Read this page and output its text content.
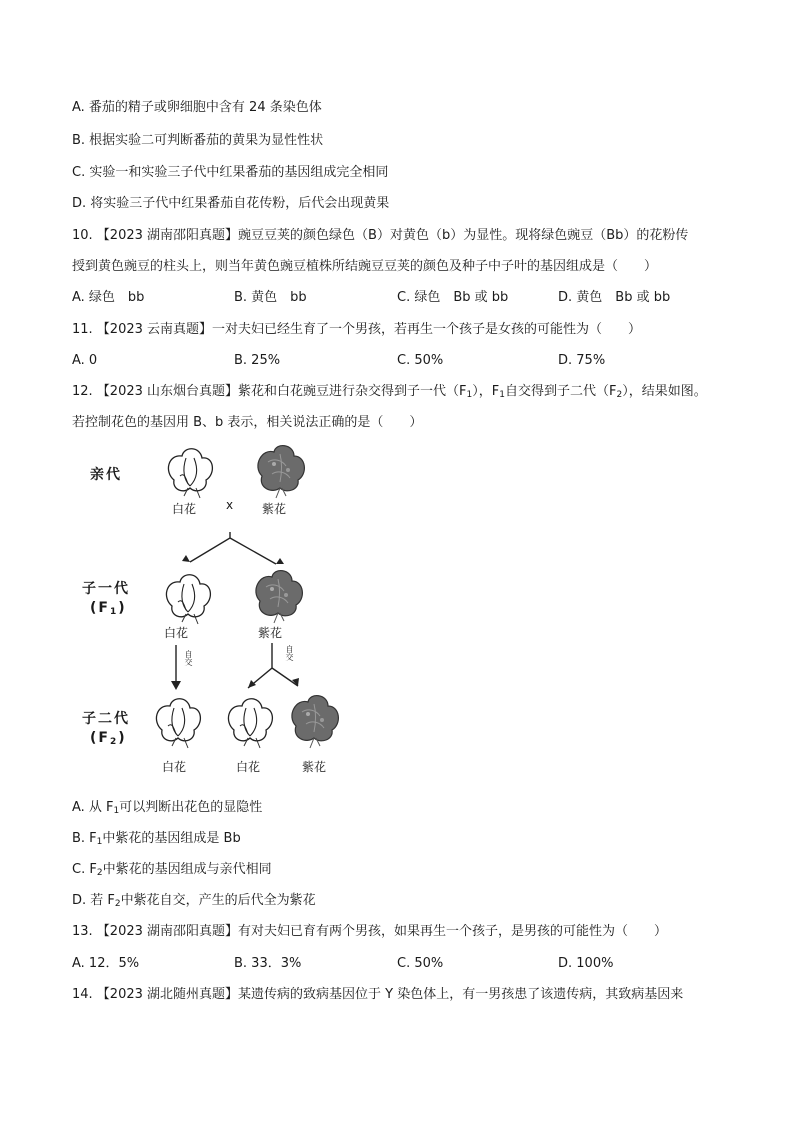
A. 番茄的精子或卵细胞中含有 24 条染色体
B. 根据实验二可判断番茄的黄果为显性性状
C. 实验一和实验三子代中红果番茄的基因组成完全相同
D. 将实验三子代中红果番茄自花传粉，后代会出现黄果
10. 【2023 湖南邵阳真题】豌豆豆荚的颜色绿色（B）对黄色（b）为显性。现将绿色豌豆（Bb）的花粉传
授到黄色豌豆的柱头上，则当年黄色豌豆植株所结豌豆豆荚的颜色及种子中子叶的基因组成是（　　）
A. 绿色　bb	B. 黄色　bb	C. 绿色　Bb 或 bb	D. 黄色　Bb 或 bb
11. 【2023 云南真题】一对夫妇已经生育了一个男孩，若再生一个孩子是女孩的可能性为（　　）
A. 0	B. 25%	C. 50%	D. 75%
12. 【2023 山东烟台真题】紫花和白花豌豆进行杂交得到子一代$(F_1)$，$F_1$自交得到子二代$(F_2)$，结果如图。
若控制花色的基因用 B、b 表示，相关说法正确的是（　　）
亲代
白花 x 紫花
子一代
$(F_1)$
白花	紫花
自交	自交
子二代
$(F_2)$
白花	白花	紫花
A. 从 $F_1$可以判断出花色的显隐性
B. $F_1$中紫花的基因组成是 Bb
C. $F_2$中紫花的基因组成与亲代相同
D. 若 $F_2$中紫花自交，产生的后代全为紫花
13. 【2023 湖南邵阳真题】有对夫妇已育有两个男孩，如果再生一个孩子，是男孩的可能性为（　　）
A. 12．5%	B. 33．3%	C. 50%	D. 100%
14. 【2023 湖北随州真题】某遗传病的致病基因位于 Y 染色体上，有一男孩患了该遗传病，其致病基因来
